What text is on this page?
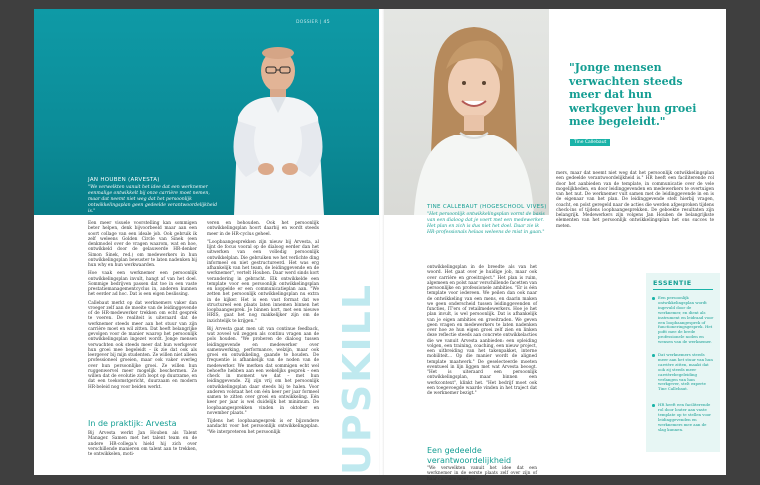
DOSSIER | 45
JAN HOUBEN (ARVESTA)
"We verwelkten vanuit het idee dat een werknemer eenmalige ontwikkelt bij onze carrière moet nemen, maar dat neemt niet weg dat het persoonlijk ontwikkelingsplan geen gedeelde verantwoordelijkheid is."

Een meer visuele voorstelling kan sommigen beter helpen, denk bijvoorbeeld maar aan een soort collage van een ideale job. Ook gebruik ik zelf weleens Golden Circle van Sinek (een denkmodel over de vragen waarom, wat en hoe, ontwikkeld door de gelauwerde HR-denker Simon Sinek, red.) om medewerkers in hun ontwikkelingsplan bewuster te laten nadenken bij hun why en hun werkwaarden.

Hoe vaak een werknemer een persoonlijk ontwikkelingsplan invult, hangt af van het doel. Sommige bedrijven passen dat toe in een vaste prestatiemanagementcyclus in, anderen kunnen het eerder ad hoc. Dat is een eigen beslissing.

Callebaut merkt op dat werknemers vaker dan vroeger zelf aan de moeite van de leidinggevende of de HR-medewerker trekken om echt gesprek te voeren. De realiteit is uiteraard dat de werknemer steeds meer aan het stuur van zijn carrière moet en wil zitten. Dat heeft belangrijke gevolgen voor de manier waarop het persoonlijk ontwikkelingsplan ingezet wordt. Jonge mensen verwachten ook steeds meer dat hun werkgever hun groei mee begeleidt – ik zie dat ook als leergever bij mijn studenten. Ze willen niet alleen professioneel groeien, maar ook vaker overleg over hun persoonlijke groei. Ze willen hun ruggenwervel meer mogelijk beschermen. Ze willen dat de evolutie zich loopt op duurzame, en dat een toekomstgericht, duurzaam en modern HR-beleid nog voor beiden werkt.

In de praktijk: Arvesta

Bij Arvesta werkt Jan Houben als Talent Manager. Samen met het talent team en de andere HR-collega's hield hij zich over verschillende manieren om talent aan te trekken, te ontwikkelen, moti-

veren en behouden. Ook het persoonlijk ontwikkelingsplan hoort daarbij en wordt steeds meer in de HR-cyclus geheel.

"Loopbaangesprekken zijn nieuw bij Arvesta, al lijnt de focus vooral op de dialoog eerder dan het uitwerken van een volledig persoonlijk ontwikkelplan. Die gebruiken we het verlichte ding informeel en niet gestructureerd. Het was erg afhankelijk van het team, de leidinggevende en de werknemer", vertelt Houben. Daar werd sinds kort verandering in gebracht. Elk ontwikkelde een template voor een persoonlijk ontwikkelingsplan en koppelde er een communicatieplan aan. "We zetten het persoonlijk ontwikkelingsplan nu extra in de kijker. Het is een vast format dat we structureel een plaats laten innemen binnen het loopbaangesprek. Je binnen kort, met een nieuwe HRIS, gaat het nog makkelijker zijn om de inzichtelijk te krijgen."

Bij Arvesta gaat men uit van continue feedback, wat zoveel wil zeggen als continu vragen aan de pols houden. "We proberen de dialoog tussen leidinggevende en medewerker over samenwerking, performance, welzijn, maar ook groei en ontwikkeling, gaande te houden. De frequentie is afhankelijk van de noden van de medewerker. We merken dat sommigen echt wel behoefte hebben aan een wekelijks gesprek – een check in moment we dat – met hun leidinggevende. Zij zijn vrij om het persoonlijk ontwikkelingsplan daar steeds bij te halen. Voor anderen volstaat het om één keer per jaar formeel samen te zitten over groei en ontwikkeling. Eén keer per jaar is wel duidelijk het minimum. De loopbaangesprekken vinden in oktober en november plaats."

Tijdens het loopbaangesprek is er bijzondere aandacht voor het persoonlijk ontwikkelingsplan. "We interpreteren het persoonlijk	UPSKILL
TINE CALLEBAUT (HOGESCHOOL VIVES)
"Het persoonlijk ontwikkelingsplan vormt de basis van een dialoog dat je voert met een medewerker. Het plan en zich is dus niet het doel. Daar zie ik HR-professionals helaas weleens de mist in gaan."
"Jonge mensen verwachten steeds meer dat hun werkgever hun groei mee begeleidt."
Tine Callebaut

mers, maar dat neemt niet weg dat het persoonlijk ontwikkelingsplan een gedeelde verantwoordelijkheid is." HR heeft een faciliterende rol door het aanbieden van de template, in communicatie over de vele mogelijkheden, en door leidinggevenden en medewerkers te overtuigen van het nut. De werknemer vult samen met de leidinggevende in en is de eigenaar van het plan. De leidinggevende stelt hierbij vragen, coacht, en polst geregeld naar de acties die werden afgesproken tijdens check-ins of tijdens loopbaangesprekken. De geboekte resultaten zijn belangrijk. Medewerkers zijn volgens Jan Houben de belangrijkste elementen van het persoonlijk ontwikkelingsplan het ons succes te meten.

ontwikkelingsplan in de breedte als van het woord. Het gaat over je huidige job, maar ook over carrière en groeitraject." Het plan is ruim, algemeen en polst naar verschillende facetten van persoonlijke en professionele ambities. "Er is één template voor iedereen. We peilen dan ook naar de ontwikkeling van een mens, en daarin maken we geen onderscheid tussen leidinggevenden of functies, IT'ers of retailmedewerkers. Hoe je het plan invult, is wel persoonlijk. Dat is afhankelijk van je eigen ambities en groeitraden. We geven geen vragen en medewerkers te laten nadenken over hoe ze hun eigen groei zelf zien en linken deze reflectie steeds aan concrete ontwikkelacties die we vanuit Arvesta aanbieden: een opleiding volgen, een training, coaching, een nieuw project, een uitbreiding van het takenpakket, interne mobiliteit… Op die manier wordt de aligned template maatwerk." De geselecteerde moeten eventueel in lijn liggen met wat Arvesta beoogt. "Het is uiteraard een persoonlijk ontwikkelingsplan, maar binnen een werkcontext", klinkt het. "Het bedrijf moet ook een toegevoegde waarde vinden in het traject dat de werknemer bezigt."

Een gedeelde verantwoordelijkheid

"We verwelkten vanuit het idee dat een werknemer in de eerste plaats zelf over zijn of haar carrière moet ne-

ESSENTIE
Een persoonlijk ontwikkelingsplan wordt ingevuld door de werknemer, en dient als instrument en leidraad voor een loopbaangesprek of functioneringsgesprek. Het pofit mee de brede professionele noden en wensen van de werknemer.
Dat werknemers steeds meer aan het stuur van hun carrière zitten, maakt dat ook zij steeds meer carrièrebegeleiding verlangen van hun werkgever, stelt experte Tine Callebaut.
HR heeft een faciliterende rol door louter aan vaste template op te stellen voor leidinggevenden en werknemers mee aan de slag kunnen.
